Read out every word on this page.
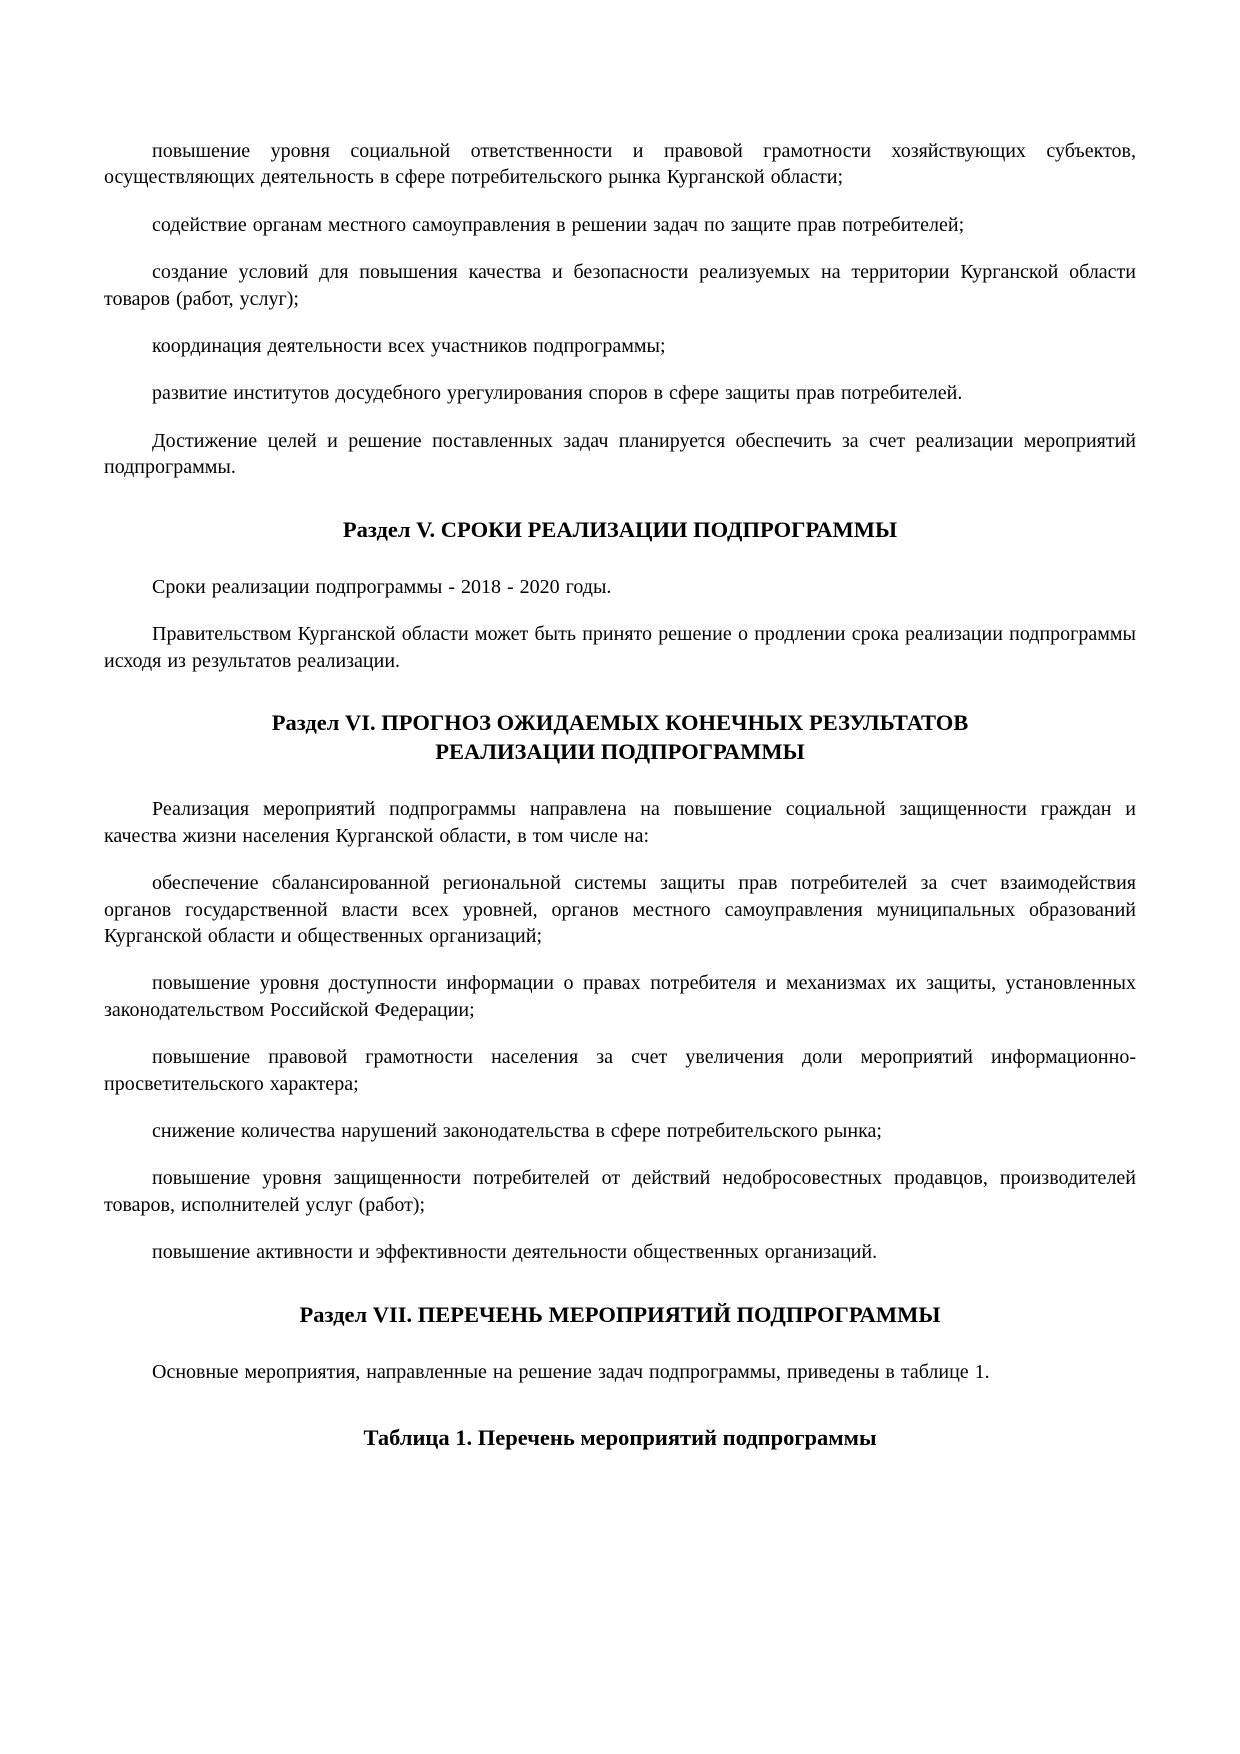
повышение уровня социальной ответственности и правовой грамотности хозяйствующих субъектов, осуществляющих деятельность в сфере потребительского рынка Курганской области;

содействие органам местного самоуправления в решении задач по защите прав потребителей;

создание условий для повышения качества и безопасности реализуемых на территории Курганской области товаров (работ, услуг);

координация деятельности всех участников подпрограммы;

развитие институтов досудебного урегулирования споров в сфере защиты прав потребителей.

Достижение целей и решение поставленных задач планируется обеспечить за счет реализации мероприятий подпрограммы.

Раздел V. СРОКИ РЕАЛИЗАЦИИ ПОДПРОГРАММЫ

Сроки реализации подпрограммы - 2018 - 2020 годы.

Правительством Курганской области может быть принято решение о продлении срока реализации подпрограммы исходя из результатов реализации.

Раздел VI. ПРОГНОЗ ОЖИДАЕМЫХ КОНЕЧНЫХ РЕЗУЛЬТАТОВ РЕАЛИЗАЦИИ ПОДПРОГРАММЫ

Реализация мероприятий подпрограммы направлена на повышение социальной защищенности граждан и качества жизни населения Курганской области, в том числе на:

обеспечение сбалансированной региональной системы защиты прав потребителей за счет взаимодействия органов государственной власти всех уровней, органов местного самоуправления муниципальных образований Курганской области и общественных организаций;

повышение уровня доступности информации о правах потребителя и механизмах их защиты, установленных законодательством Российской Федерации;

повышение правовой грамотности населения за счет увеличения доли мероприятий информационно-просветительского характера;

снижение количества нарушений законодательства в сфере потребительского рынка;

повышение уровня защищенности потребителей от действий недобросовестных продавцов, производителей товаров, исполнителей услуг (работ);

повышение активности и эффективности деятельности общественных организаций.

Раздел VII. ПЕРЕЧЕНЬ МЕРОПРИЯТИЙ ПОДПРОГРАММЫ

Основные мероприятия, направленные на решение задач подпрограммы, приведены в таблице 1.

Таблица 1. Перечень мероприятий подпрограммы
